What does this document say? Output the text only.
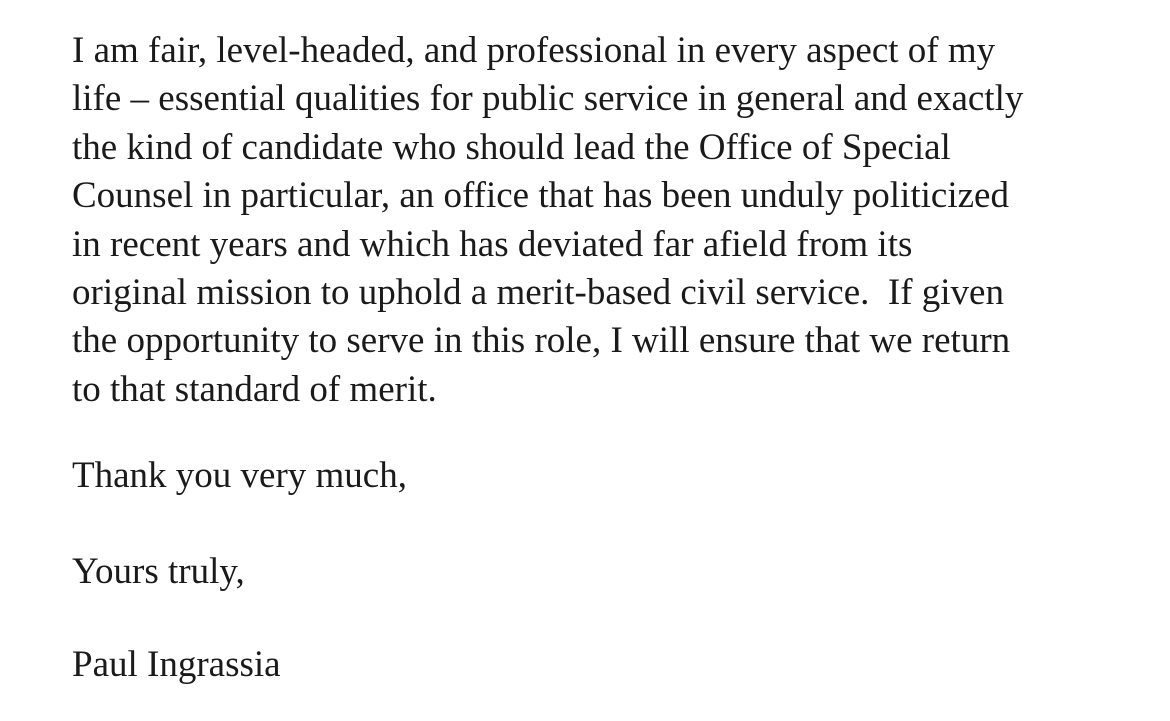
I am fair, level-headed, and professional in every aspect of my
life – essential qualities for public service in general and exactly
the kind of candidate who should lead the Office of Special
Counsel in particular, an office that has been unduly politicized
in recent years and which has deviated far afield from its
original mission to uphold a merit-based civil service.  If given
the opportunity to serve in this role, I will ensure that we return
to that standard of merit.

Thank you very much,

Yours truly,

Paul Ingrassia
